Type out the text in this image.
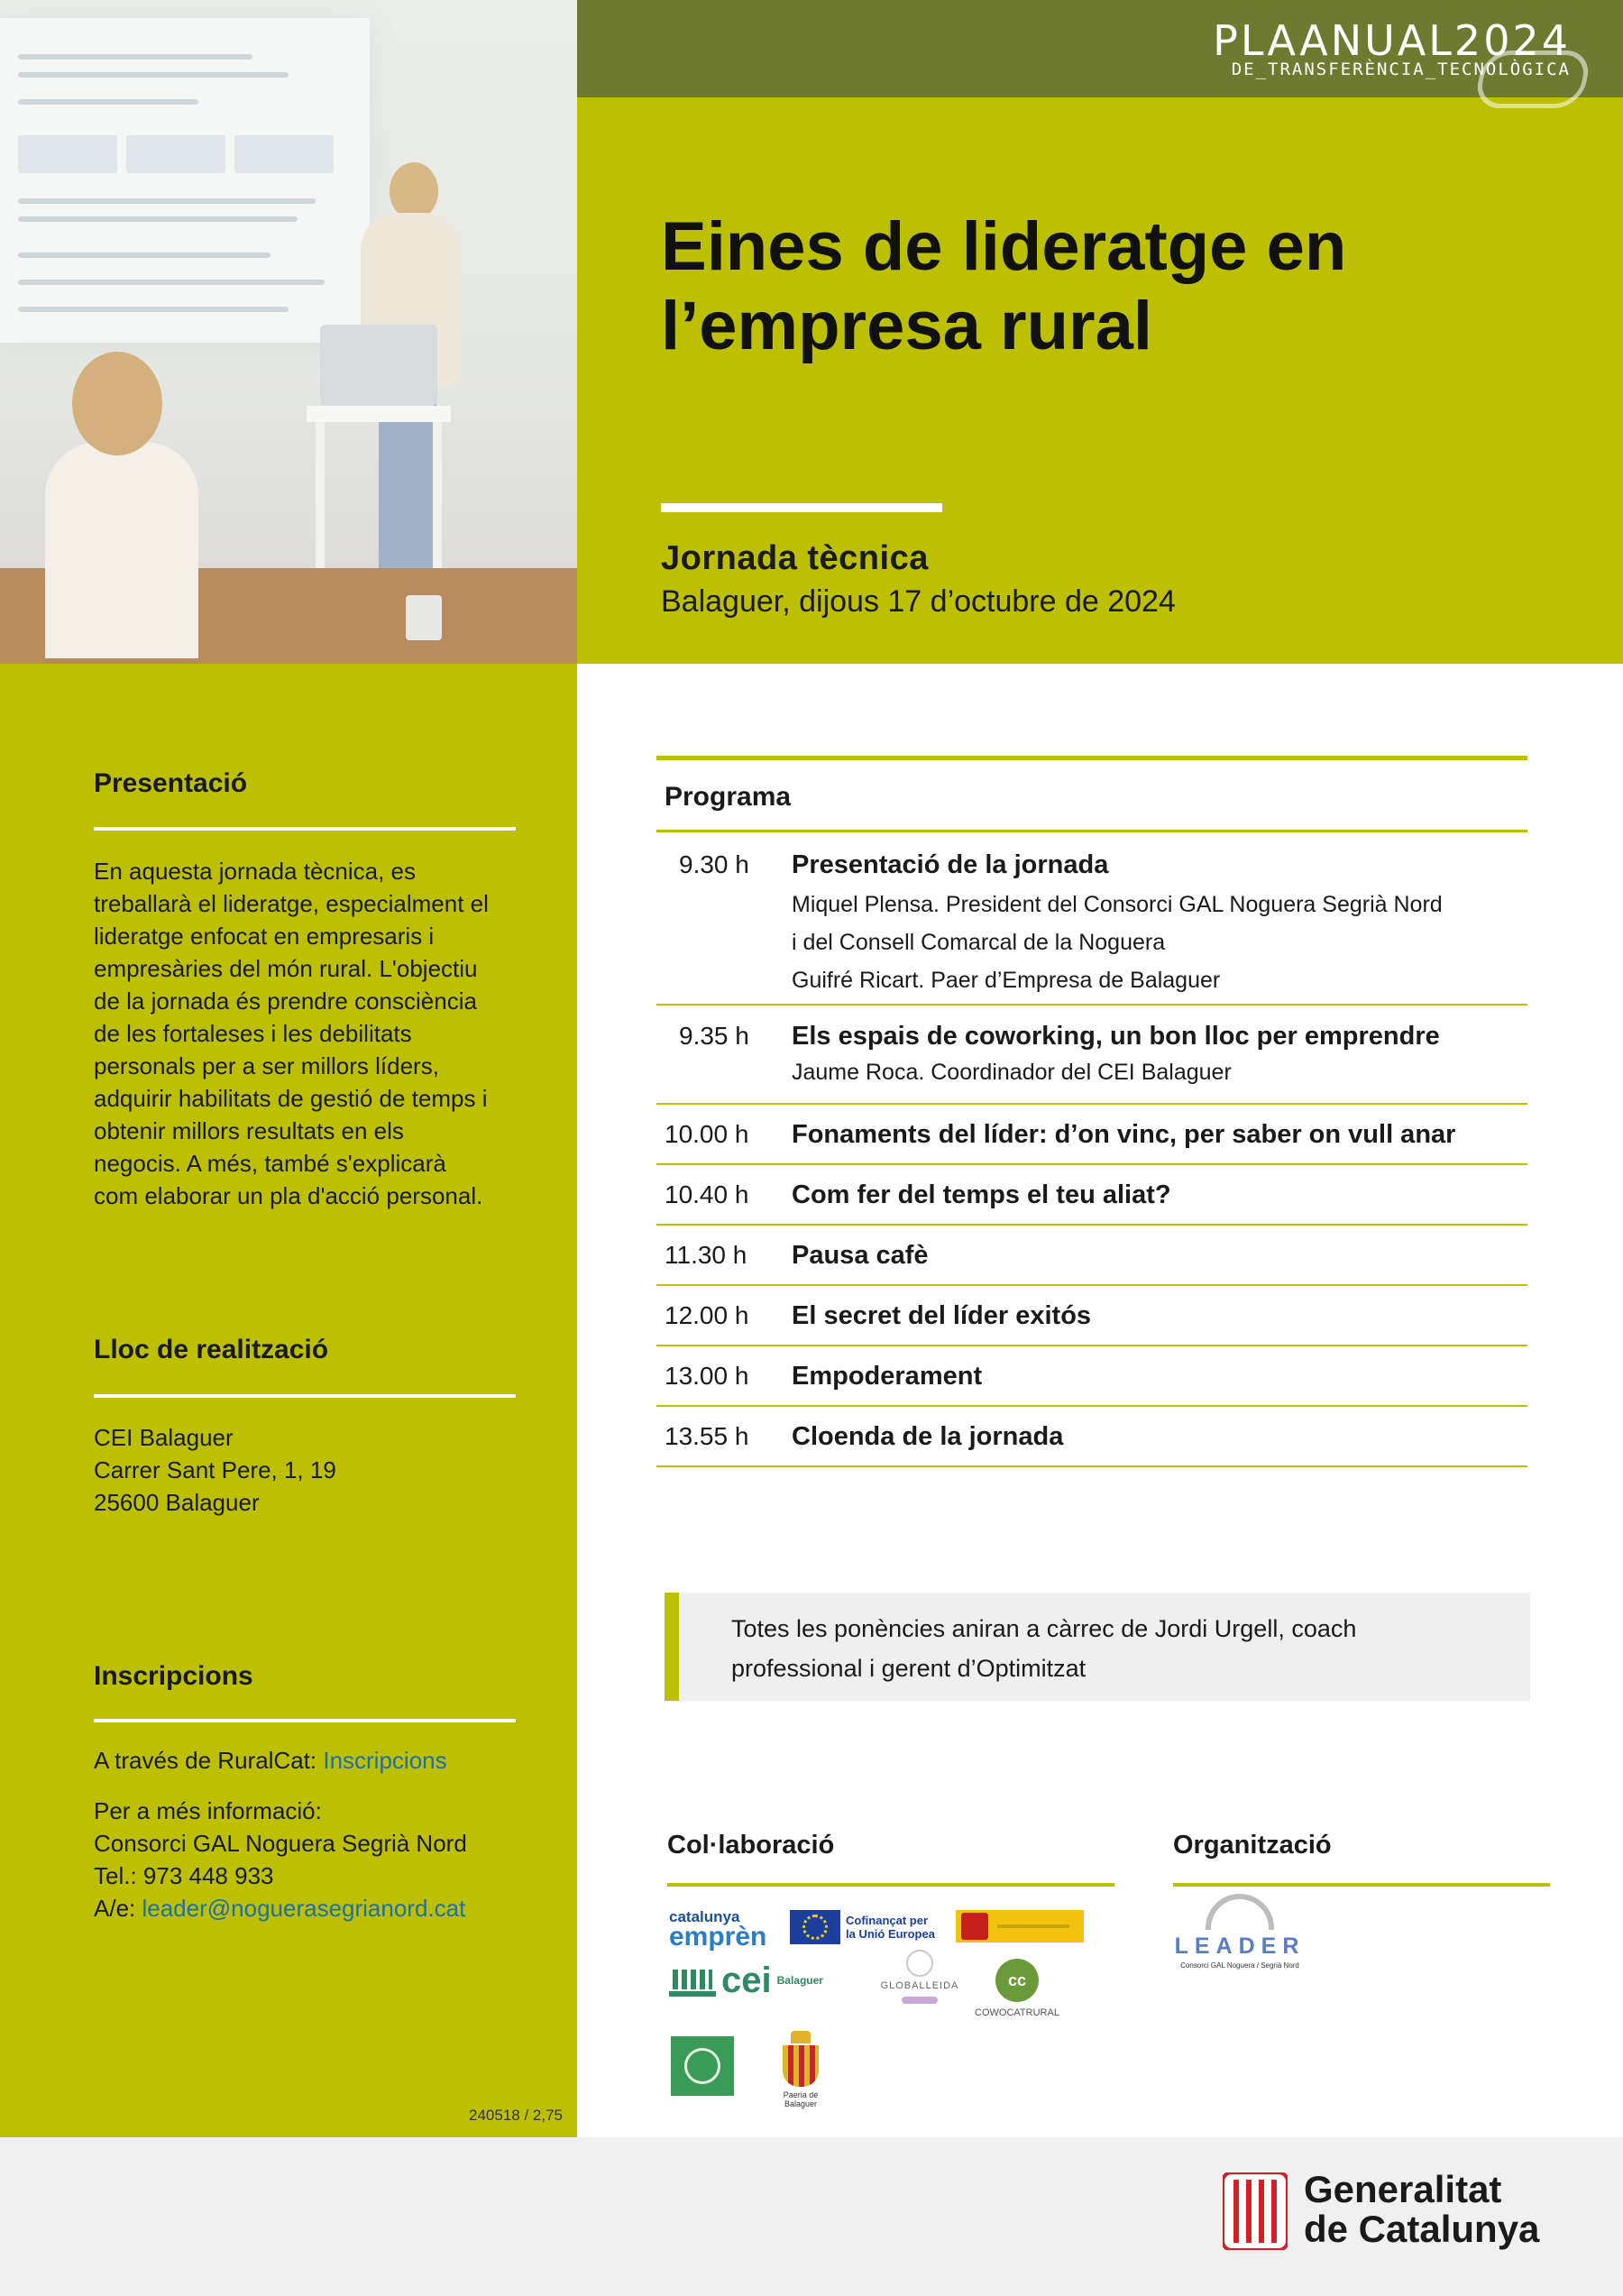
PLAANUAL2024
DE_TRANSFERÈNCIA_TECNOLÒGICA
Eines de lideratge en
l’empresa rural
Jornada tècnica
Balaguer, dijous 17 d’octubre de 2024
Presentació
En aquesta jornada tècnica, es
treballarà el lideratge, especialment el
lideratge enfocat en empresaris i
empresàries del món rural. L'objectiu
de la jornada és prendre consciència
de les fortaleses i les debilitats
personals per a ser millors líders,
adquirir habilitats de gestió de temps i
obtenir millors resultats en els
negocis. A més, també s'explicarà
com elaborar un pla d'acció personal.
Lloc de realització
CEI Balaguer
Carrer Sant Pere, 1, 19
25600 Balaguer
Inscripcions
A través de RuralCat: Inscripcions
Per a més informació:
Consorci GAL Noguera Segrià Nord
Tel.: 973 448 933
A/e: leader@noguerasegrianord.cat
240518 / 2,75
Programa
9.30 h	Presentació de la jornada
Miquel Plensa. President del Consorci GAL Noguera Segrià Nord
i del Consell Comarcal de la Noguera
Guifré Ricart. Paer d’Empresa de Balaguer
9.35 h	Els espais de coworking, un bon lloc per emprendre
Jaume Roca. Coordinador del CEI Balaguer
10.00 h	Fonaments del líder: d’on vinc, per saber on vull anar
10.40 h	Com fer del temps el teu aliat?
11.30 h	Pausa cafè
12.00 h	El secret del líder exitós
13.00 h	Empoderament
13.55 h	Cloenda de la jornada
Totes les ponències aniran a càrrec de Jordi Urgell, coach
professional i gerent d’Optimitzat
Col·laboració	Organització
catalunya
emprèn
Cofinançat per
la Unió Europea
cei Balaguer	GLOBALLEIDA	cc
COWOCATRURAL
Paeria de Balaguer
LEADER
Consorci GAL Noguera / Segrià Nord
Generalitat
de Catalunya
